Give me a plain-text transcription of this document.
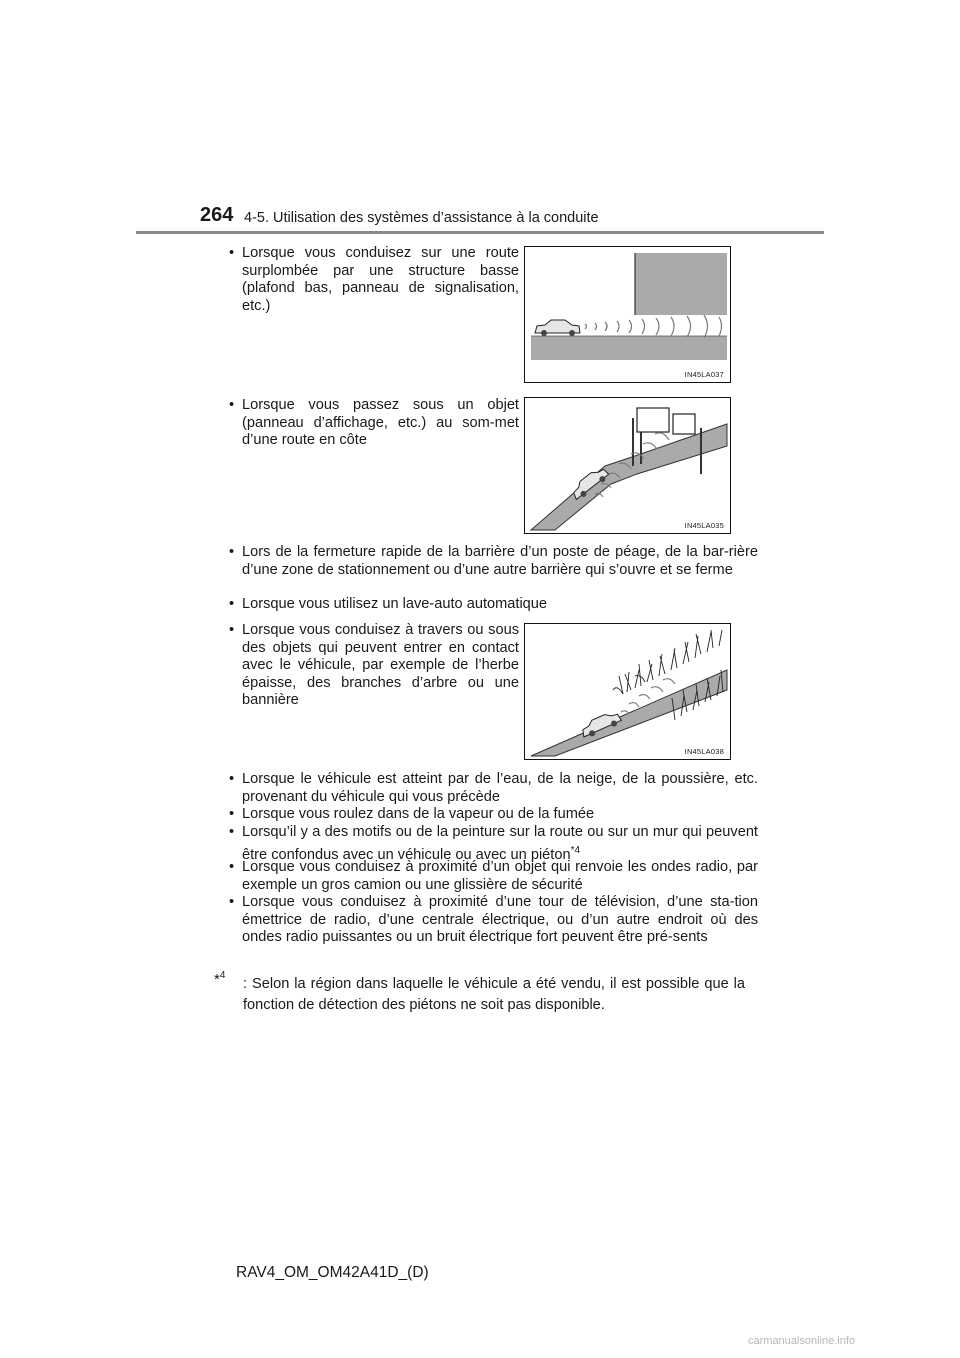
264 4-5. Utilisation des systèmes d’assistance à la conduite

• Lorsque vous conduisez sur une route surplombée par une structure basse (plafond bas, panneau de signalisation, etc.)

IN45LA037

• Lorsque vous passez sous un objet (panneau d’affichage, etc.) au som-met d’une route en côte

IN45LA035

• Lors de la fermeture rapide de la barrière d’un poste de péage, de la bar-rière d’une zone de stationnement ou d’une autre barrière qui s’ouvre et se ferme

• Lorsque vous utilisez un lave-auto automatique

• Lorsque vous conduisez à travers ou sous des objets qui peuvent entrer en contact avec le véhicule, par exemple de l’herbe épaisse, des branches d’arbre ou une bannière

IN45LA038

• Lorsque le véhicule est atteint par de l’eau, de la neige, de la poussière, etc. provenant du véhicule qui vous précède

• Lorsque vous roulez dans de la vapeur ou de la fumée

• Lorsqu’il y a des motifs ou de la peinture sur la route ou sur un mur qui peuvent être confondus avec un véhicule ou avec un piéton$^{*4}$

• Lorsque vous conduisez à proximité d’un objet qui renvoie les ondes radio, par exemple un gros camion ou une glissière de sécurité

• Lorsque vous conduisez à proximité d’une tour de télévision, d’une sta-tion émettrice de radio, d’une centrale électrique, ou d’un autre endroit où des ondes radio puissantes ou un bruit électrique fort peuvent être pré-sents

*$^4$

: Selon la région dans laquelle le véhicule a été vendu, il est possible que la fonction de détection des piétons ne soit pas disponible.

RAV4_OM_OM42A41D_(D)
carmanualsonline.info
